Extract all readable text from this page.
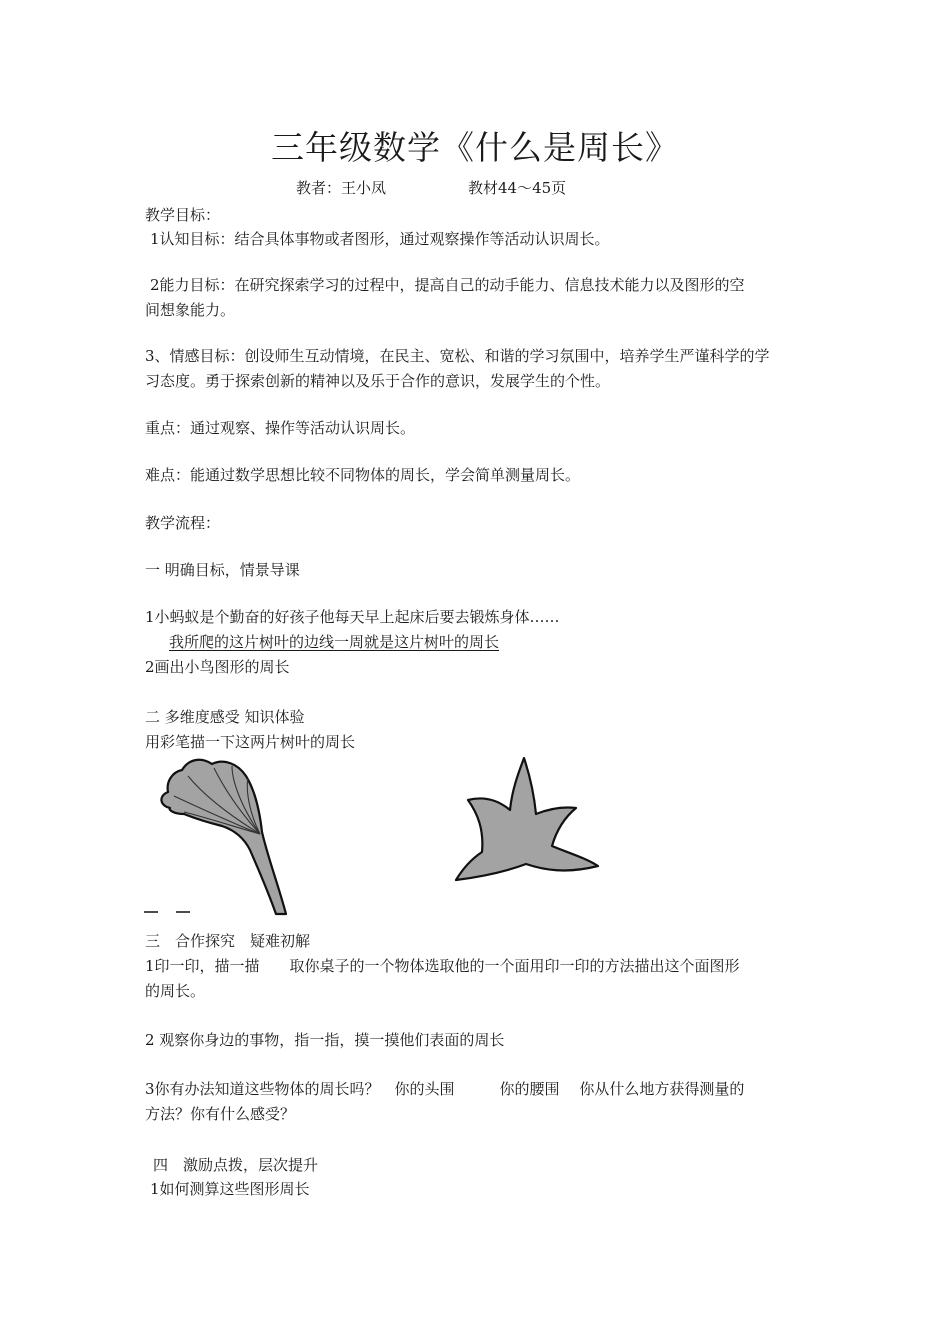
三年级数学《什么是周长》
教者：王小凤	教材44～45页
教学目标：
1认知目标：结合具体事物或者图形，通过观察操作等活动认识周长。
2能力目标：在研究探索学习的过程中，提高自己的动手能力、信息技术能力以及图形的空
间想象能力。
3、情感目标：创设师生互动情境，在民主、宽松、和谐的学习氛围中，培养学生严谨科学的学
习态度。勇于探索创新的精神以及乐于合作的意识，发展学生的个性。
重点：通过观察、操作等活动认识周长。
难点：能通过数学思想比较不同物体的周长，学会简单测量周长。
教学流程：
一 明确目标，情景导课
1小蚂蚁是个勤奋的好孩子他每天早上起床后要去锻炼身体……
我所爬的这片树叶的边线一周就是这片树叶的周长
2画出小鸟图形的周长
二 多维度感受 知识体验
用彩笔描一下这两片树叶的周长
三　合作探究　疑难初解
1印一印，描一描　　取你桌子的一个物体选取他的一个面用印一印的方法描出这个面图形
的周长。
2 观察你身边的事物，指一指，摸一摸他们表面的周长
3你有办法知道这些物体的周长吗？　你的头围　　　你的腰围　 你从什么地方获得测量的
方法？你有什么感受？
四　激励点拨，层次提升
1如何测算这些图形周长
